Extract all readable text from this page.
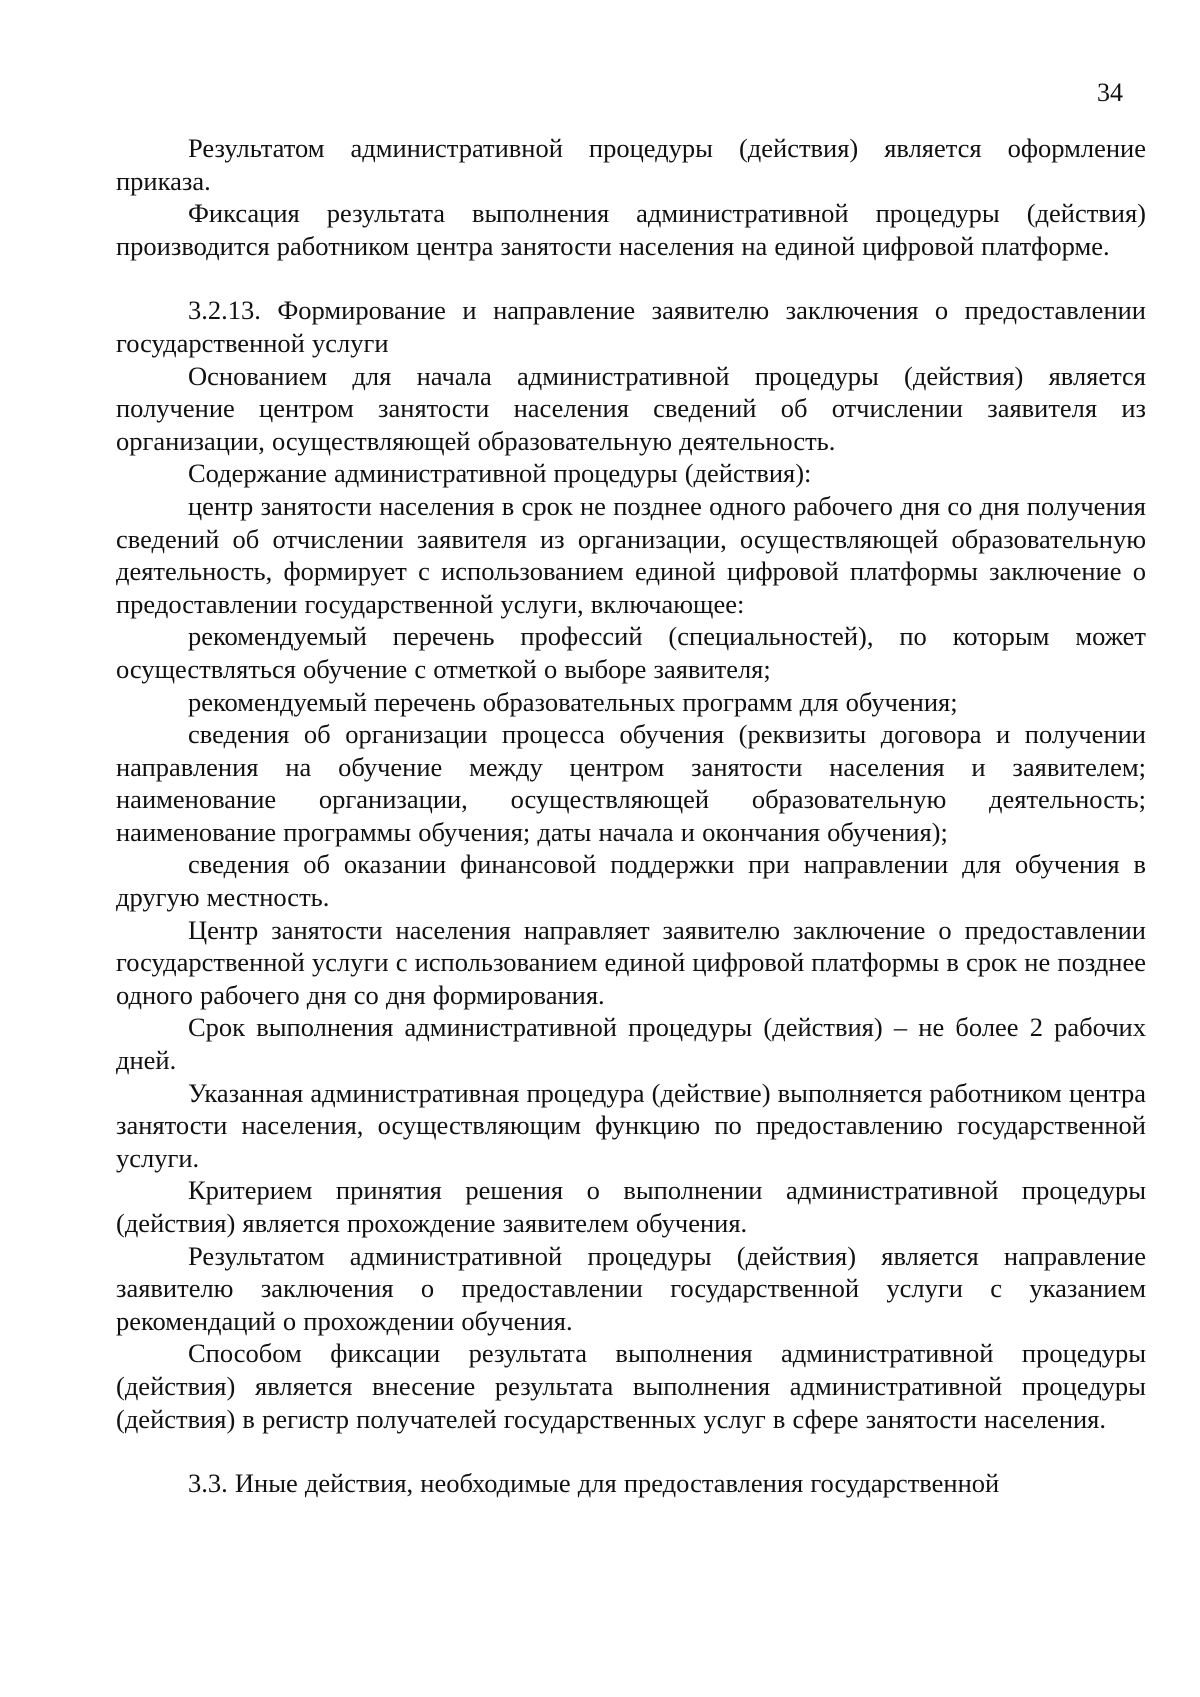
34

Результатом административной процедуры (действия) является оформление приказа.

Фиксация результата выполнения административной процедуры (действия) производится работником центра занятости населения на единой цифровой платформе.

3.2.13. Формирование и направление заявителю заключения о предоставлении государственной услуги

Основанием для начала административной процедуры (действия) является получение центром занятости населения сведений об отчислении заявителя из организации, осуществляющей образовательную деятельность.

Содержание административной процедуры (действия):

центр занятости населения в срок не позднее одного рабочего дня со дня получения сведений об отчислении заявителя из организации, осуществляющей образовательную деятельность, формирует с использованием единой цифровой платформы заключение о предоставлении государственной услуги, включающее:

рекомендуемый перечень профессий (специальностей), по которым может осуществляться обучение с отметкой о выборе заявителя;

рекомендуемый перечень образовательных программ для обучения;

сведения об организации процесса обучения (реквизиты договора и получении направления на обучение между центром занятости населения и заявителем; наименование организации, осуществляющей образовательную деятельность; наименование программы обучения; даты начала и окончания обучения);

сведения об оказании финансовой поддержки при направлении для обучения в другую местность.

Центр занятости населения направляет заявителю заключение о предоставлении государственной услуги с использованием единой цифровой платформы в срок не позднее одного рабочего дня со дня формирования.

Срок выполнения административной процедуры (действия) – не более 2 рабочих дней.

Указанная административная процедура (действие) выполняется работником центра занятости населения, осуществляющим функцию по предоставлению государственной услуги.

Критерием принятия решения о выполнении административной процедуры (действия) является прохождение заявителем обучения.

Результатом административной процедуры (действия) является направление заявителю заключения о предоставлении государственной услуги с указанием рекомендаций о прохождении обучения.

Способом фиксации результата выполнения административной процедуры (действия) является внесение результата выполнения административной процедуры (действия) в регистр получателей государственных услуг в сфере занятости населения.

3.3. Иные действия, необходимые для предоставления государственной
